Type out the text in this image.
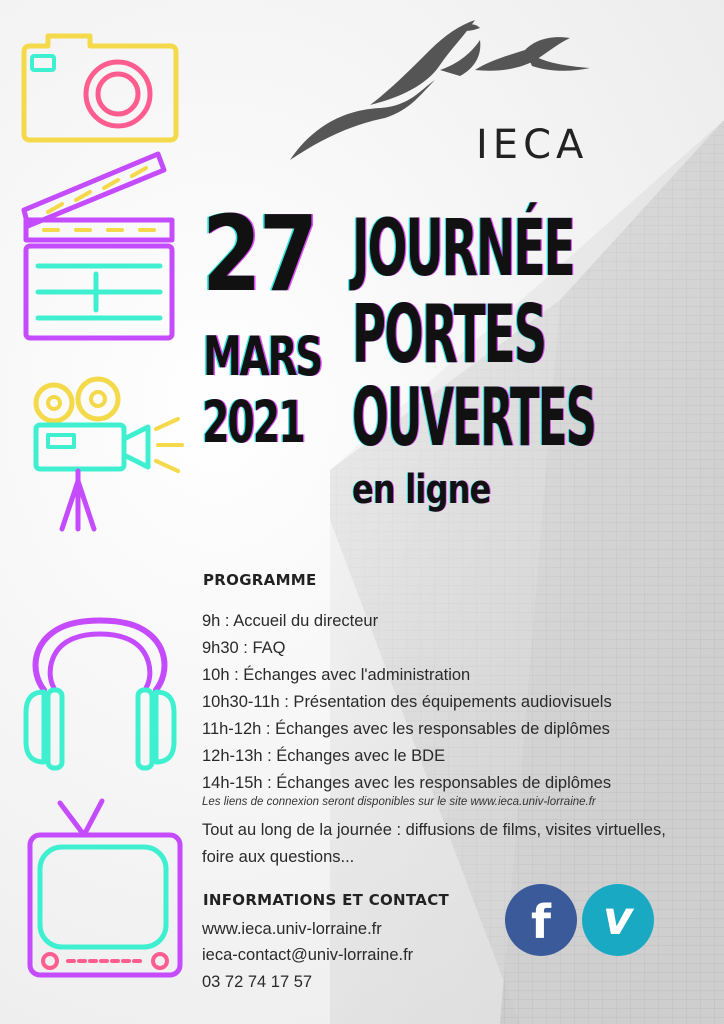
IECA
27
MARS
2021
JOURNÉE
PORTES
OUVERTES
en ligne
PROGRAMME
9h : Accueil du directeur
9h30 : FAQ
10h : Échanges avec l'administration
10h30-11h : Présentation des équipements audiovisuels
11h-12h : Échanges avec les responsables de diplômes
12h-13h : Échanges avec le BDE
14h-15h : Échanges avec les responsables de diplômes
Les liens de connexion seront disponibles sur le site www.ieca.univ-lorraine.fr
Tout au long de la journée : diffusions de films, visites virtuelles, foire aux questions...
INFORMATIONS ET CONTACT
www.ieca.univ-lorraine.fr
ieca-contact@univ-lorraine.fr
03 72 74 17 57
f v
